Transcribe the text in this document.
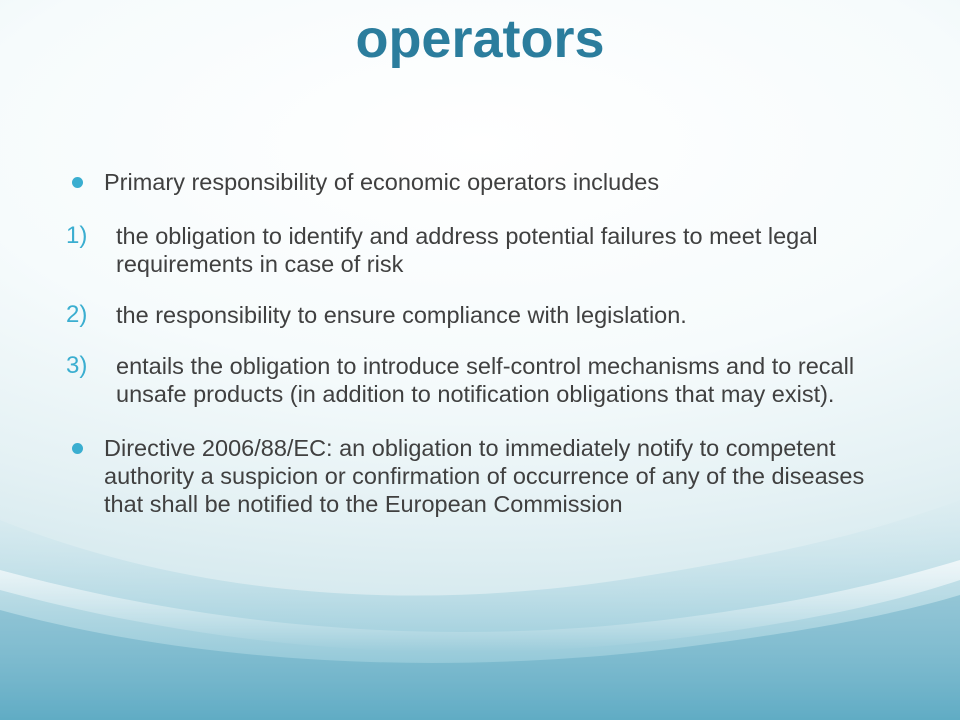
operators
Primary responsibility of economic operators includes
1)	the obligation to identify and address potential failures to meet legal requirements in case of risk
2)	the responsibility to ensure compliance with legislation.
3)	entails the obligation to introduce self-control mechanisms and to recall unsafe products (in addition to notification obligations that may exist).
Directive 2006/88/EC: an obligation to immediately notify to competent authority a suspicion or confirmation of occurrence of any of the diseases that shall be notified to the European Commission
